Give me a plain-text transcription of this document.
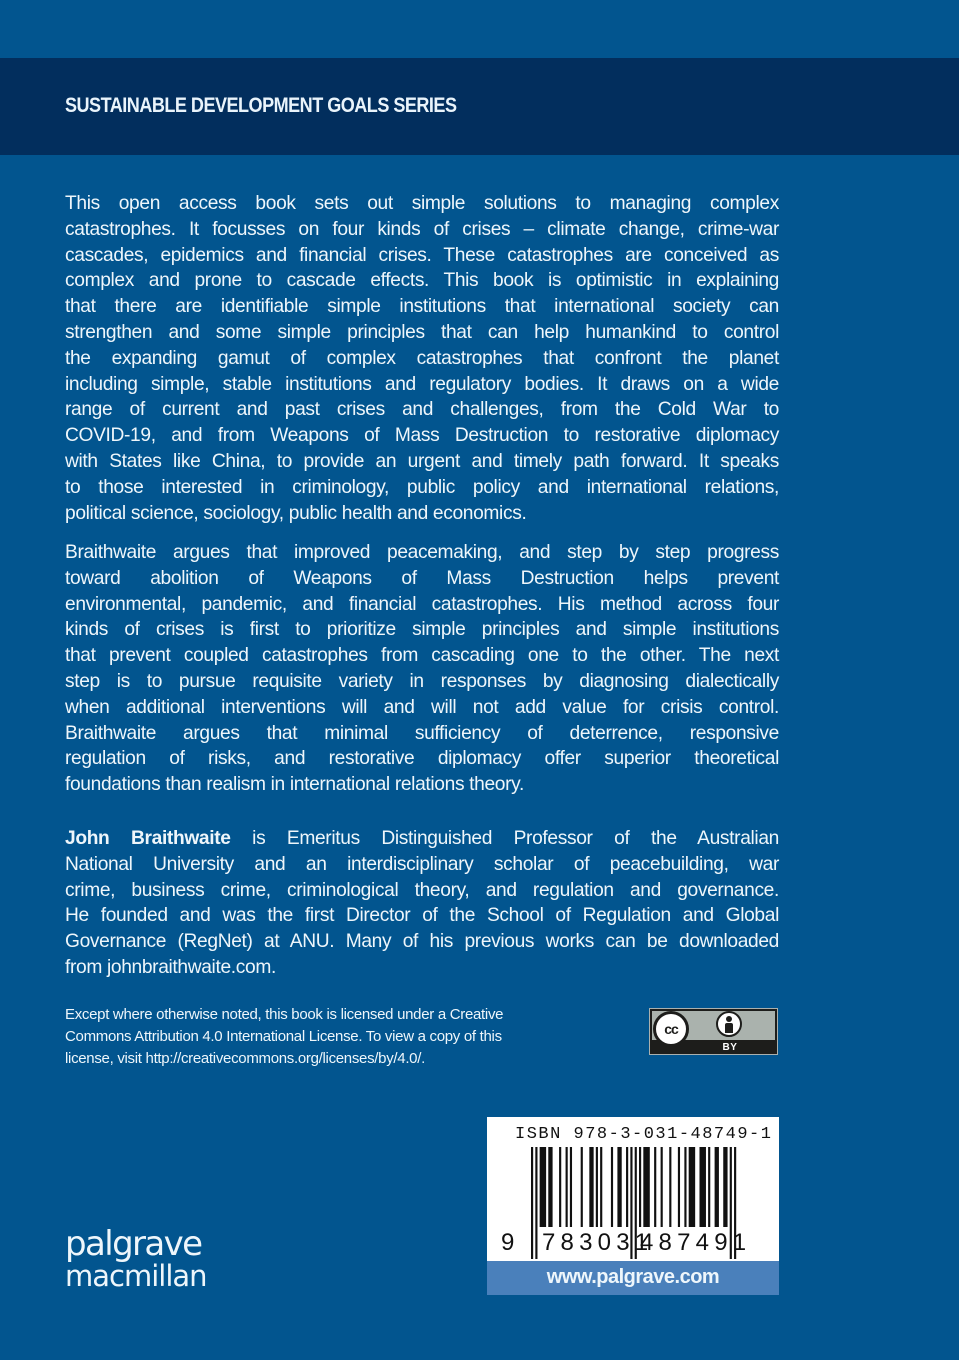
SUSTAINABLE DEVELOPMENT GOALS SERIES
This open access book sets out simple solutions to managing complex
catastrophes. It focusses on four kinds of crises – climate change, crime-war
cascades, epidemics and financial crises. These catastrophes are conceived as
complex and prone to cascade effects. This book is optimistic in explaining
that there are identifiable simple institutions that international society can
strengthen and some simple principles that can help humankind to control
the expanding gamut of complex catastrophes that confront the planet
including simple, stable institutions and regulatory bodies. It draws on a wide
range of current and past crises and challenges, from the Cold War to
COVID-19, and from Weapons of Mass Destruction to restorative diplomacy
with States like China, to provide an urgent and timely path forward. It speaks
to those interested in criminology, public policy and international relations,
political science, sociology, public health and economics.
Braithwaite argues that improved peacemaking, and step by step progress
toward abolition of Weapons of Mass Destruction helps prevent
environmental, pandemic, and financial catastrophes. His method across four
kinds of crises is first to prioritize simple principles and simple institutions
that prevent coupled catastrophes from cascading one to the other. The next
step is to pursue requisite variety in responses by diagnosing dialectically
when additional interventions will and will not add value for crisis control.
Braithwaite argues that minimal sufficiency of deterrence, responsive
regulation of risks, and restorative diplomacy offer superior theoretical
foundations than realism in international relations theory.
John Braithwaite is Emeritus Distinguished Professor of the Australian
National University and an interdisciplinary scholar of peacebuilding, war
crime, business crime, criminological theory, and regulation and governance.
He founded and was the first Director of the School of Regulation and Global
Governance (RegNet) at ANU. Many of his previous works can be downloaded
from johnbraithwaite.com.
Except where otherwise noted, this book is licensed under a Creative
Commons Attribution 4.0 International License. To view a copy of this
license, visit http://creativecommons.org/licenses/by/4.0/.
cc
BY
ISBN 978-3-031-48749-1
9 783031
487491
www.palgrave.com
palgrave
macmillan
